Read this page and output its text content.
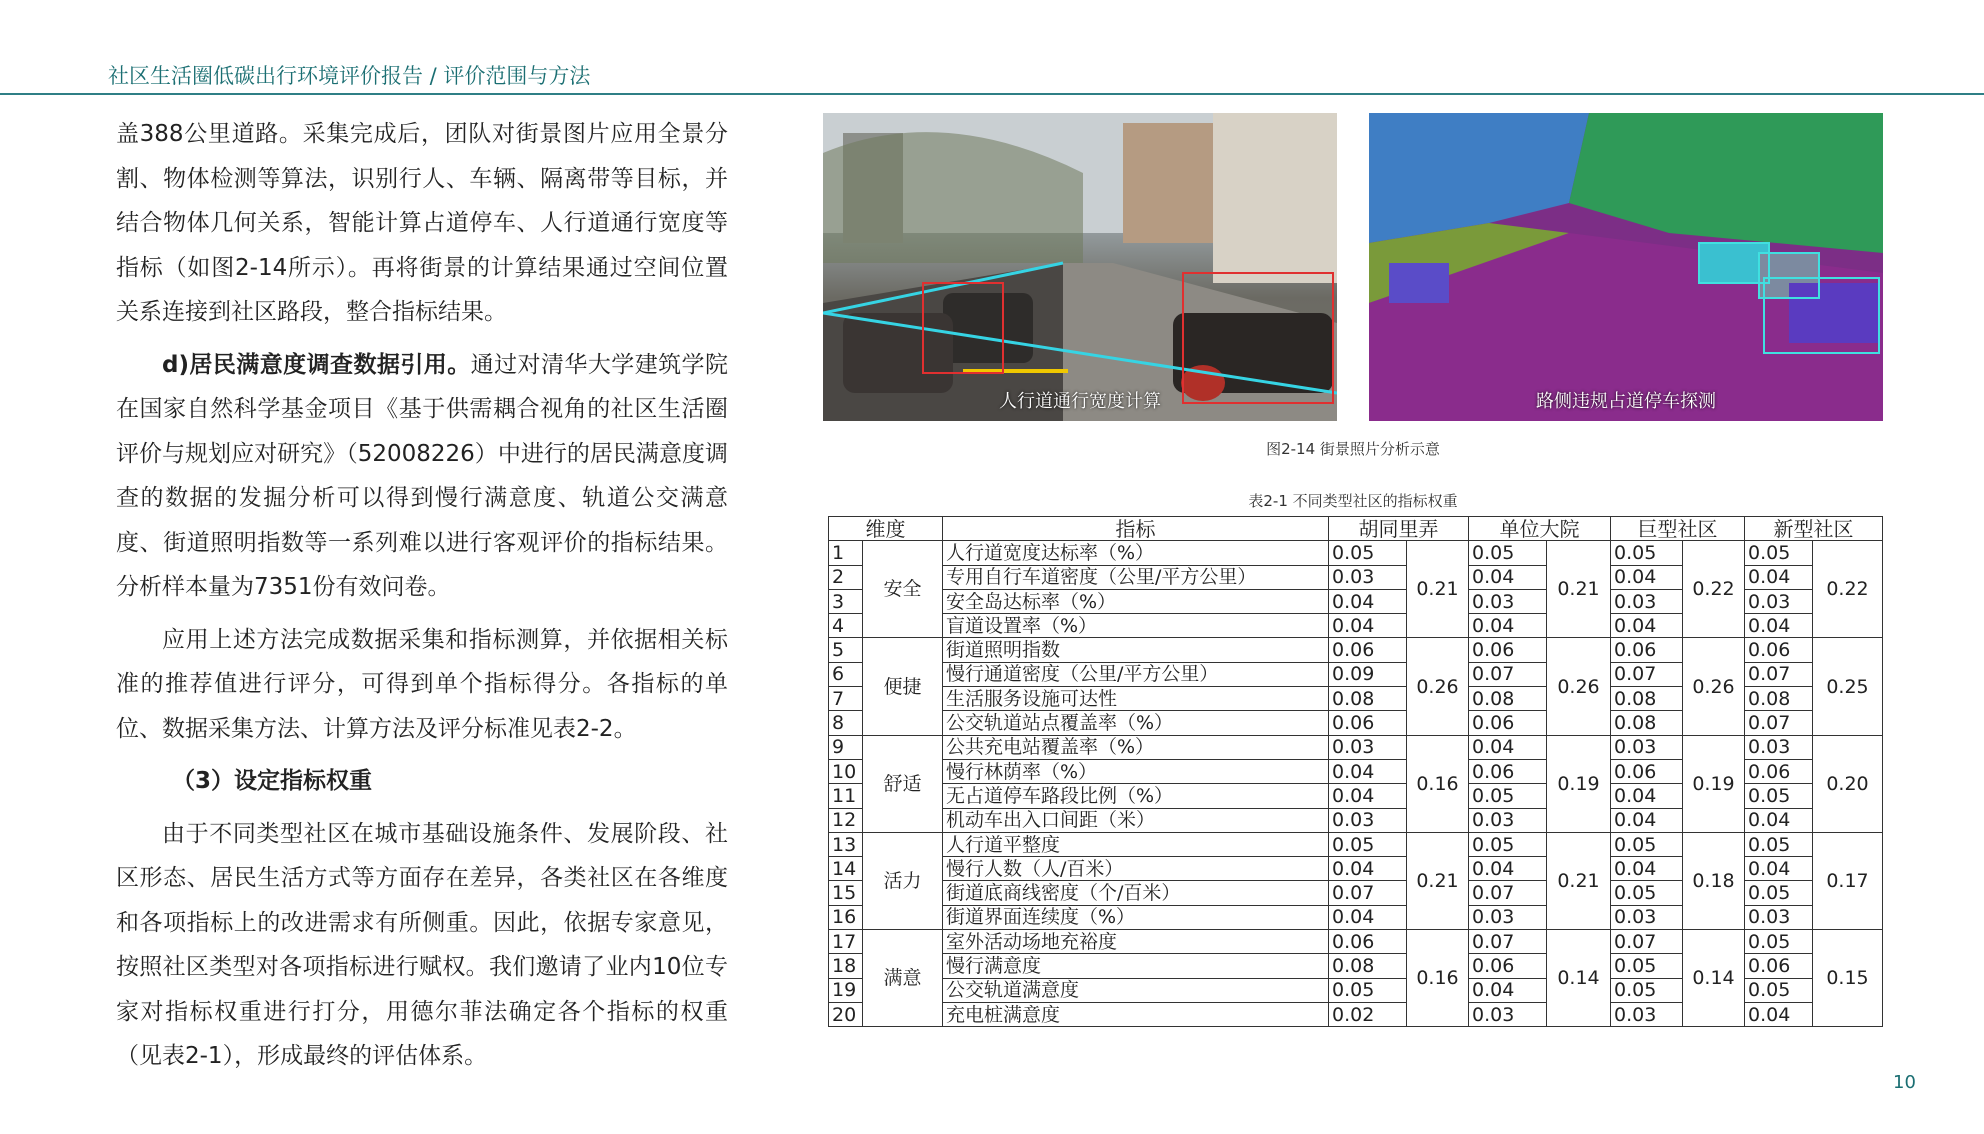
社区生活圈低碳出行环境评价报告 / 评价范围与方法

盖388公里道路。采集完成后，团队对街景图片应用全景分割、物体检测等算法，识别行人、车辆、隔离带等目标，并结合物体几何关系，智能计算占道停车、人行道通行宽度等指标（如图2-14所示）。再将街景的计算结果通过空间位置关系连接到社区路段，整合指标结果。

d)居民满意度调查数据引用。通过对清华大学建筑学院在国家自然科学基金项目《基于供需耦合视角的社区生活圈评价与规划应对研究》（52008226）中进行的居民满意度调查的数据的发掘分析可以得到慢行满意度、轨道公交满意度、街道照明指数等一系列难以进行客观评价的指标结果。分析样本量为7351份有效问卷。

应用上述方法完成数据采集和指标测算，并依据相关标准的推荐值进行评分，可得到单个指标得分。各指标的单位、数据采集方法、计算方法及评分标准见表2-2。

（3）设定指标权重

由于不同类型社区在城市基础设施条件、发展阶段、社区形态、居民生活方式等方面存在差异，各类社区在各维度和各项指标上的改进需求有所侧重。因此，依据专家意见，按照社区类型对各项指标进行赋权。我们邀请了业内10位专家对指标权重进行打分，用德尔菲法确定各个指标的权重（见表2-1），形成最终的评估体系。

人行道通行宽度计算	路侧违规占道停车探测
图2-14 街景照片分析示意
表2-1 不同类型社区的指标权重
维度		指标	胡同里弄		单位大院		巨型社区		新型社区	
1	安全	人行道宽度达标率（%）	0.05	0.21	0.05	0.21	0.05	0.22	0.05	0.22
2		专用自行车道密度（公里/平方公里）	0.03		0.04		0.04		0.04	
3		安全岛达标率（%）	0.04		0.03		0.03		0.03	
4		盲道设置率（%）	0.04		0.04		0.04		0.04	
5	便捷	街道照明指数	0.06	0.26	0.06	0.26	0.06	0.26	0.06	0.25
6		慢行通道密度（公里/平方公里）	0.09		0.07		0.07		0.07	
7		生活服务设施可达性	0.08		0.08		0.08		0.08	
8		公交轨道站点覆盖率（%）	0.06		0.06		0.08		0.07	
9	舒适	公共充电站覆盖率（%）	0.03	0.16	0.04	0.19	0.03	0.19	0.03	0.20
10		慢行林荫率（%）	0.04		0.06		0.06		0.06	
11		无占道停车路段比例（%）	0.04		0.05		0.04		0.05	
12		机动车出入口间距（米）	0.03		0.03		0.04		0.04	
13	活力	人行道平整度	0.05	0.21	0.05	0.21	0.05	0.18	0.05	0.17
14		慢行人数（人/百米）	0.04		0.04		0.04		0.04	
15		街道底商线密度（个/百米）	0.07		0.07		0.05		0.05	
16		街道界面连续度（%）	0.04		0.03		0.03		0.03	
17	满意	室外活动场地充裕度	0.06	0.16	0.07	0.14	0.07	0.14	0.05	0.15
18		慢行满意度	0.08		0.06		0.05		0.06	
19		公交轨道满意度	0.05		0.04		0.05		0.05	
20		充电桩满意度	0.02		0.03		0.03		0.04	
10
